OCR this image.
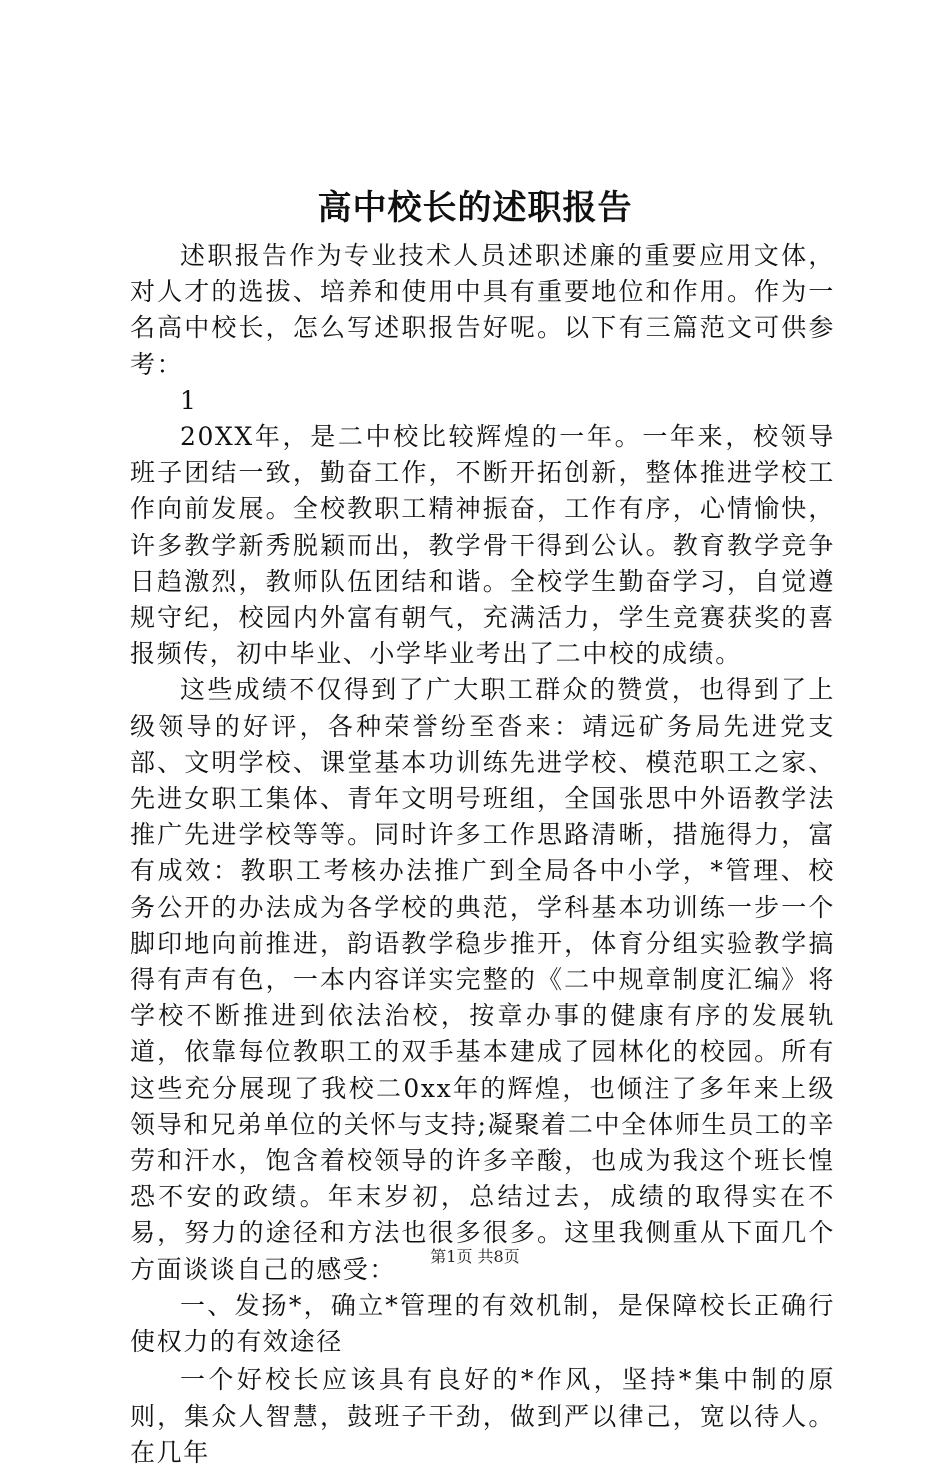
高中校长的述职报告

述职报告作为专业技术人员述职述廉的重要应用文体，对人才的选拔、培养和使用中具有重要地位和作用。作为一名高中校长，怎么写述职报告好呢。以下有三篇范文可供参考：

1

20XX年，是二中校比较辉煌的一年。一年来，校领导班子团结一致，勤奋工作，不断开拓创新，整体推进学校工作向前发展。全校教职工精神振奋，工作有序，心情愉快，许多教学新秀脱颖而出，教学骨干得到公认。教育教学竞争日趋激烈，教师队伍团结和谐。全校学生勤奋学习，自觉遵规守纪，校园内外富有朝气，充满活力，学生竞赛获奖的喜报频传，初中毕业、小学毕业考出了二中校的成绩。

这些成绩不仅得到了广大职工群众的赞赏，也得到了上级领导的好评，各种荣誉纷至沓来：靖远矿务局先进党支部、文明学校、课堂基本功训练先进学校、模范职工之家、先进女职工集体、青年文明号班组，全国张思中外语教学法推广先进学校等等。同时许多工作思路清晰，措施得力，富有成效：教职工考核办法推广到全局各中小学，*管理、校务公开的办法成为各学校的典范，学科基本功训练一步一个脚印地向前推进，韵语教学稳步推开，体育分组实验教学搞得有声有色，一本内容详实完整的《二中规章制度汇编》将学校不断推进到依法治校，按章办事的健康有序的发展轨道，依靠每位教职工的双手基本建成了园林化的校园。所有这些充分展现了我校二0xx年的辉煌，也倾注了多年来上级领导和兄弟单位的关怀与支持;凝聚着二中全体师生员工的辛劳和汗水，饱含着校领导的许多辛酸，也成为我这个班长惶恐不安的政绩。年末岁初，总结过去，成绩的取得实在不易，努力的途径和方法也很多很多。这里我侧重从下面几个方面谈谈自己的感受：

一、发扬*，确立*管理的有效机制，是保障校长正确行使权力的有效途径

一个好校长应该具有良好的*作风，坚持*集中制的原则，集众人智慧，鼓班子干劲，做到严以律己，宽以待人。在几年

第1页 共8页
